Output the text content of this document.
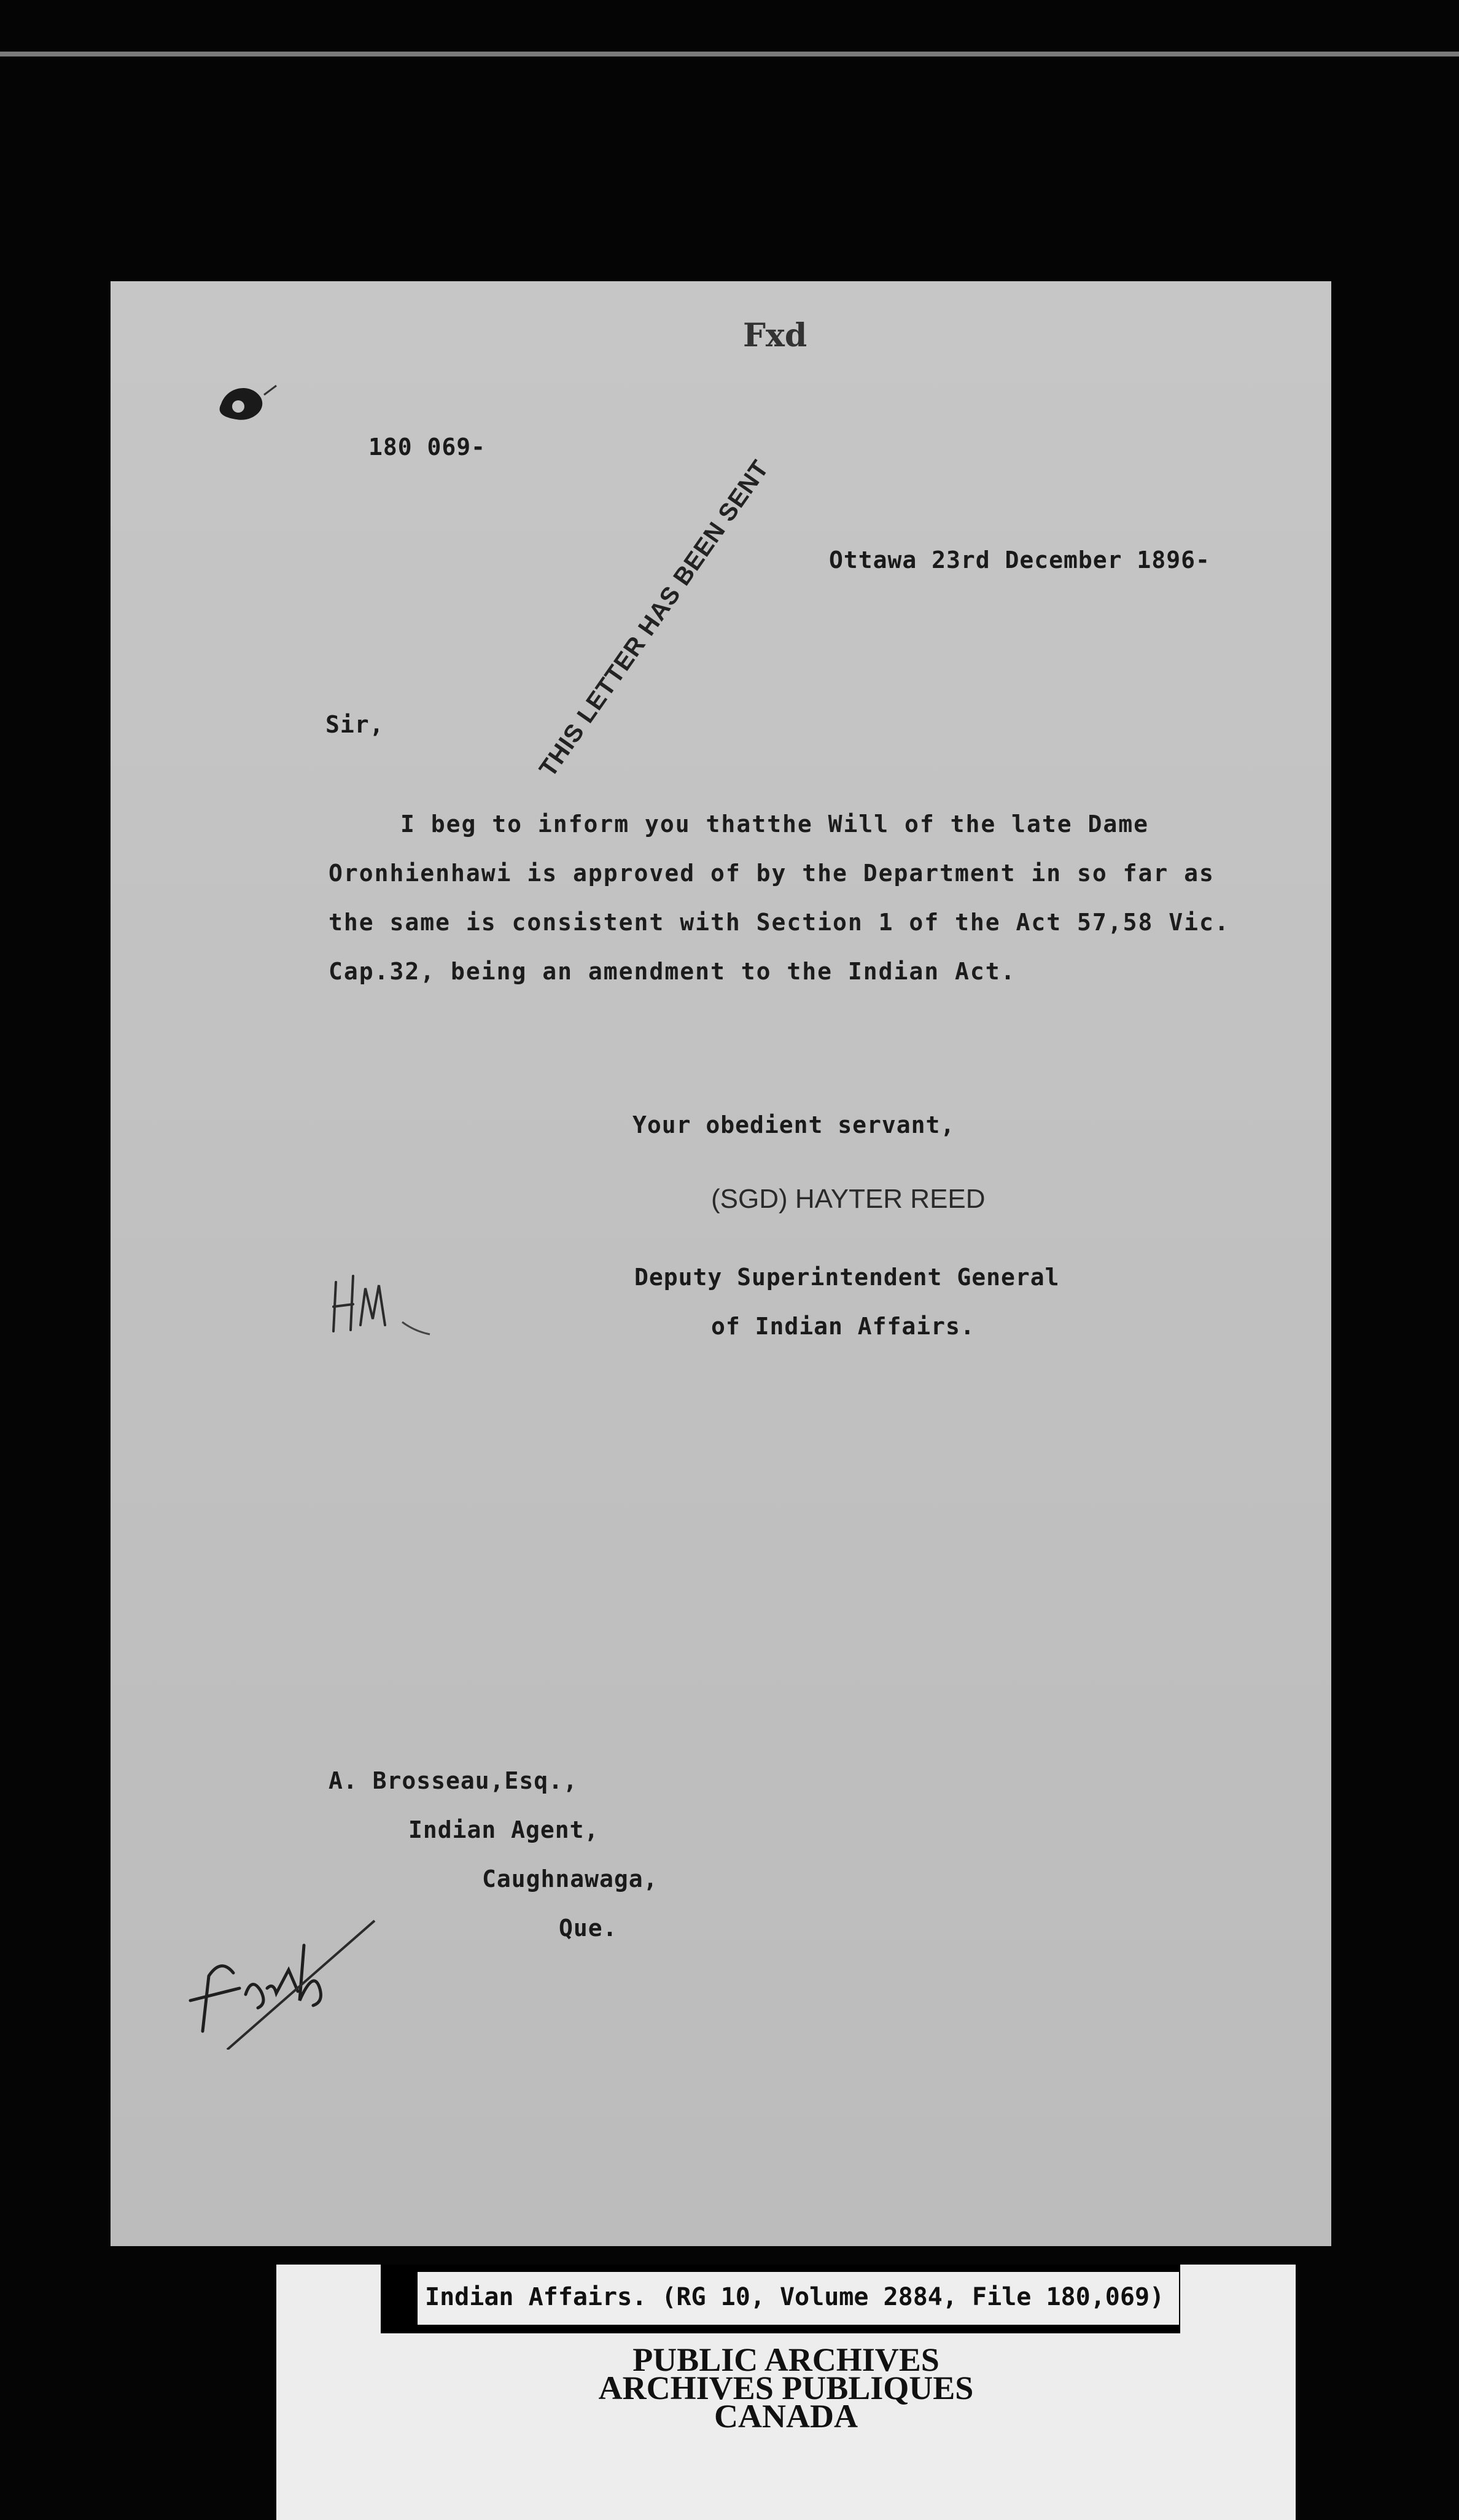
Fxd
180 069-
THIS LETTER HAS BEEN SENT Ottawa 23rd December 1896-
Sir,
I beg to inform you thatthe Will of the late Dame
Oronhienhawi is approved of by the Department in so far as
the same is consistent with Section 1 of the Act 57,58 Vic.
Cap.32, being an amendment to the Indian Act.
Your obedient servant,
(SGD) HAYTER REED
Deputy Superintendent General
of Indian Affairs.
A. Brosseau,Esq.,
Indian Agent,
Caughnawaga,
Que.
Indian Affairs. (RG 10, Volume 2884, File 180,069)
PUBLIC ARCHIVES
ARCHIVES PUBLIQUES
CANADA
